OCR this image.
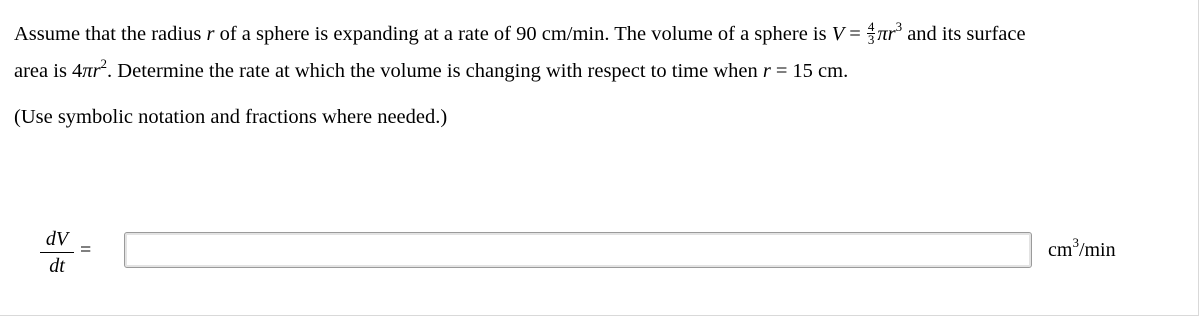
Assume that the radius r of a sphere is expanding at a rate of 90 cm/min. The volume of a sphere is $V = \frac{4}{3} \pi r^3$ and its surface
area is $4\pi r^2$. Determine the rate at which the volume is changing with respect to time when r = 15 cm.

(Use symbolic notation and fractions where needed.)

$\frac{dV}{dt}$ =	$cm^3/\min$
